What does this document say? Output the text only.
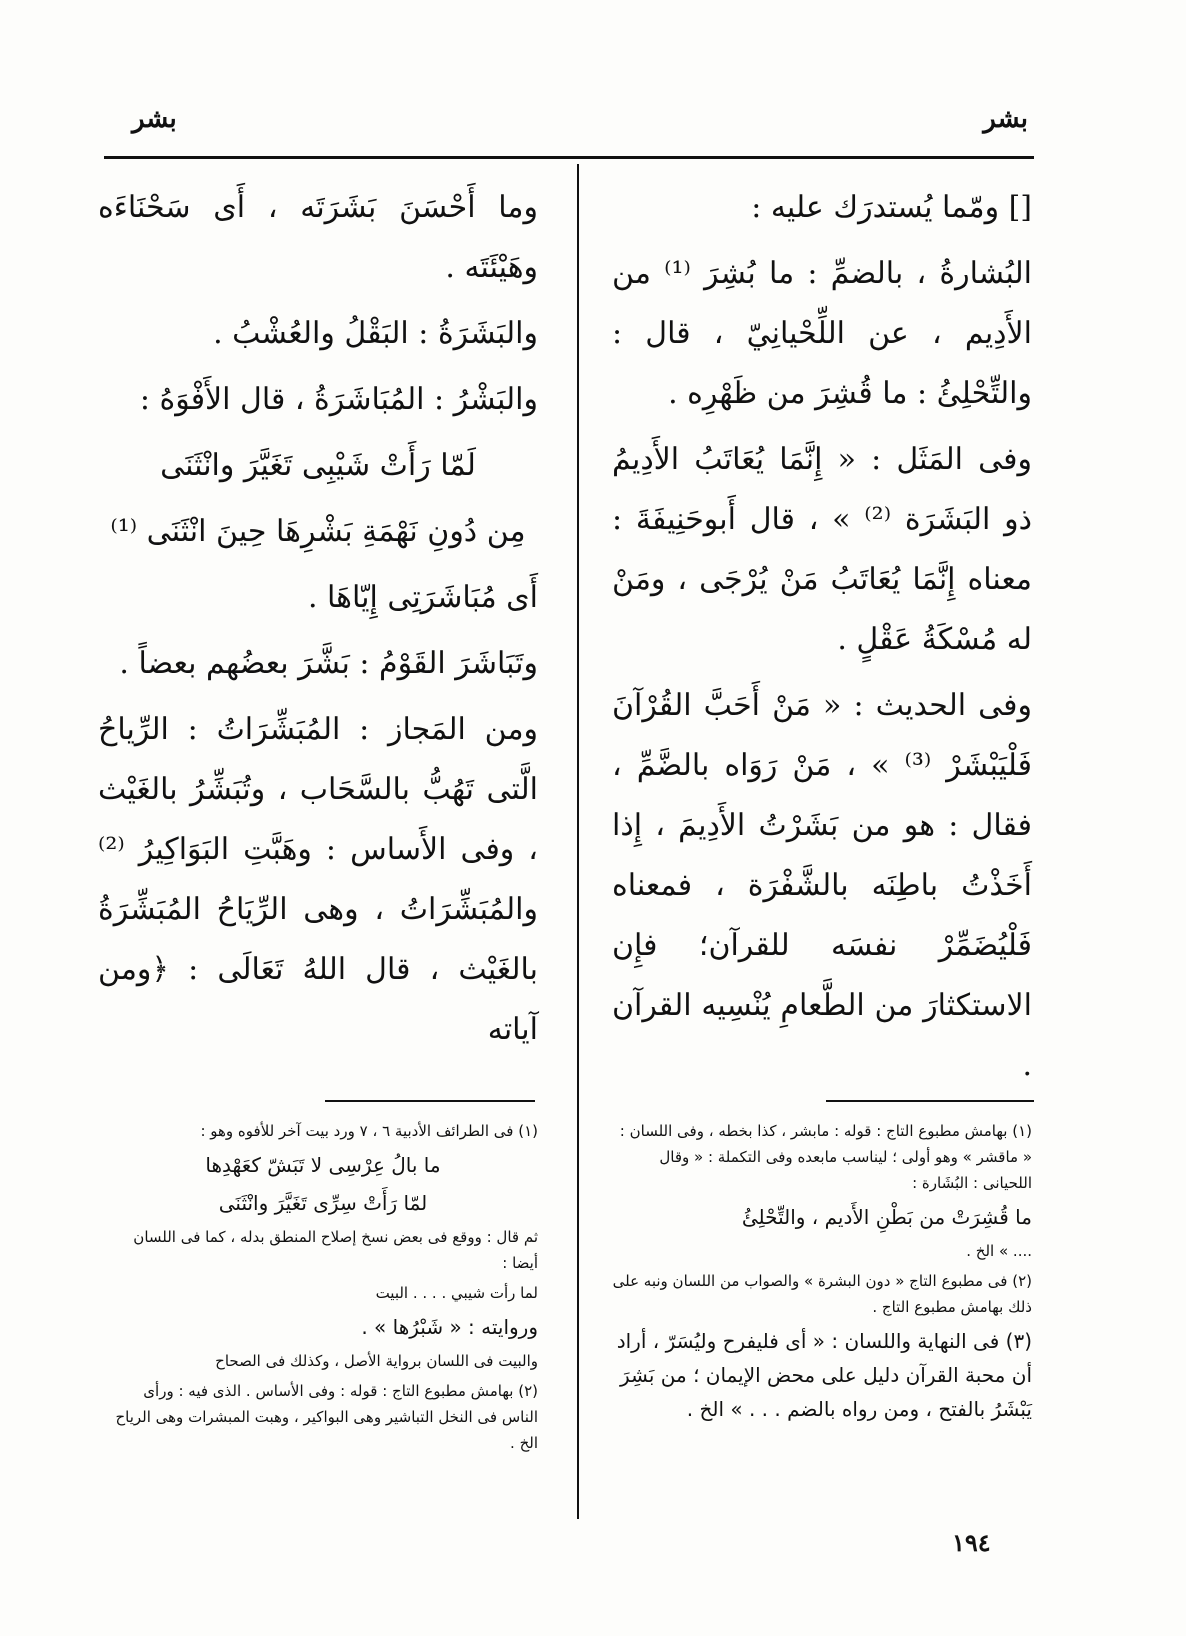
بشر
بشر

[] ومّما يُستدرَك عليه :

البُشارةُ ، بالضمِّ : ما بُشِرَ ⁽¹⁾ من الأَدِيم ، عن اللِّحْيانِيّ ، قال : والتِّحْلِئُ : ما قُشِرَ من ظَهْرِه .

وفى المَثَل : « إِنَّمَا يُعَاتَبُ الأَدِيمُ ذو البَشَرَة ⁽²⁾ » ، قال أَبوحَنِيفَةَ : معناه إِنَّمَا يُعَاتَبُ مَنْ يُرْجَى ، ومَنْ له مُسْكَةُ عَقْلٍ .

وفى الحديث : « مَنْ أَحَبَّ القُرْآنَ فَلْيَبْشَرْ ⁽³⁾ » ، مَنْ رَوَاه بالضَّمِّ ، فقال : هو من بَشَرْتُ الأَدِيمَ ، إِذا أَخَذْتُ باطِنَه بالشَّفْرَة ، فمعناه فَلْيُضَمِّرْ نفسَه للقرآن؛ فإِن الاستكثارَ من الطَّعامِ يُنْسِيه القرآن .

وما أَحْسَنَ بَشَرَتَه ، أَى سَحْنَاءَه وهَيْئَتَه .

والبَشَرَةُ : البَقْلُ والعُشْبُ .

والبَشْرُ : المُبَاشَرَةُ ، قال الأَفْوَهُ :

لَمّا رَأَتْ شَيْبِى تَغَيَّرَ وانْثَنَى

مِن دُونِ نَهْمَةِ بَشْرِهَا حِينَ انْثَنَى ⁽¹⁾

أَى مُبَاشَرَتِى إِيّاهَا .

وتَبَاشَرَ القَوْمُ : بَشَّرَ بعضُهم بعضاً .

ومن المَجاز : المُبَشِّرَاتُ : الرِّياحُ الَّتى تَهُبُّ بالسَّحَاب ، وتُبَشِّرُ بالغَيْث ، وفى الأَساس : وهَبَّتِ البَوَاكِيرُ ⁽²⁾ والمُبَشِّرَاتُ ، وهى الرِّيَاحُ المُبَشِّرَةُ بالغَيْث ، قال اللهُ تَعَالَى : ﴿ومن آياته

(١) بهامش مطبوع التاج : قوله : مابشر ، كذا بخطه ، وفى اللسان : « ماقشر » وهو أولى ؛ ليناسب مابعده وفى التكملة : « وقال اللحيانى : البُشَارة :

ما قُشِرَتْ من بَطْنِ الأَديم ، والتِّحْلِئُ

.... » الخ .

(٢) فى مطبوع التاج « دون البشرة » والصواب من اللسان ونبه على ذلك بهامش مطبوع التاج .

(٣) فى النهاية واللسان : « أى فليفرح وليُسَرّ ، أراد أن محبة القرآن دليل على محض الإيمان ؛ من بَشِرَ يَبْشَرُ بالفتح ، ومن رواه بالضم . . . » الخ .

(١) فى الطرائف الأدبية ٦ ، ٧ ورد بيت آخر للأفوه وهو :

ما بالُ عِرْسِى لا تَبَشّ كعَهْدِها

لمّا رَأَتْ سِرِّى تَغَيَّرَ وانْثَنَى

ثم قال : ووقع فى بعض نسخ إصلاح المنطق بدله ، كما فى اللسان أيضا :

لما رأت شيبي . . . . البيت

وروايته : « شَبْرُها » .

والبيت فى اللسان برواية الأصل ، وكذلك فى الصحاح

(٢) بهامش مطبوع التاج : قوله : وفى الأساس . الذى فيه : ورأى الناس فى النخل التباشير وهى البواكير ، وهبت المبشرات وهى الرياح الخ .

١٩٤
